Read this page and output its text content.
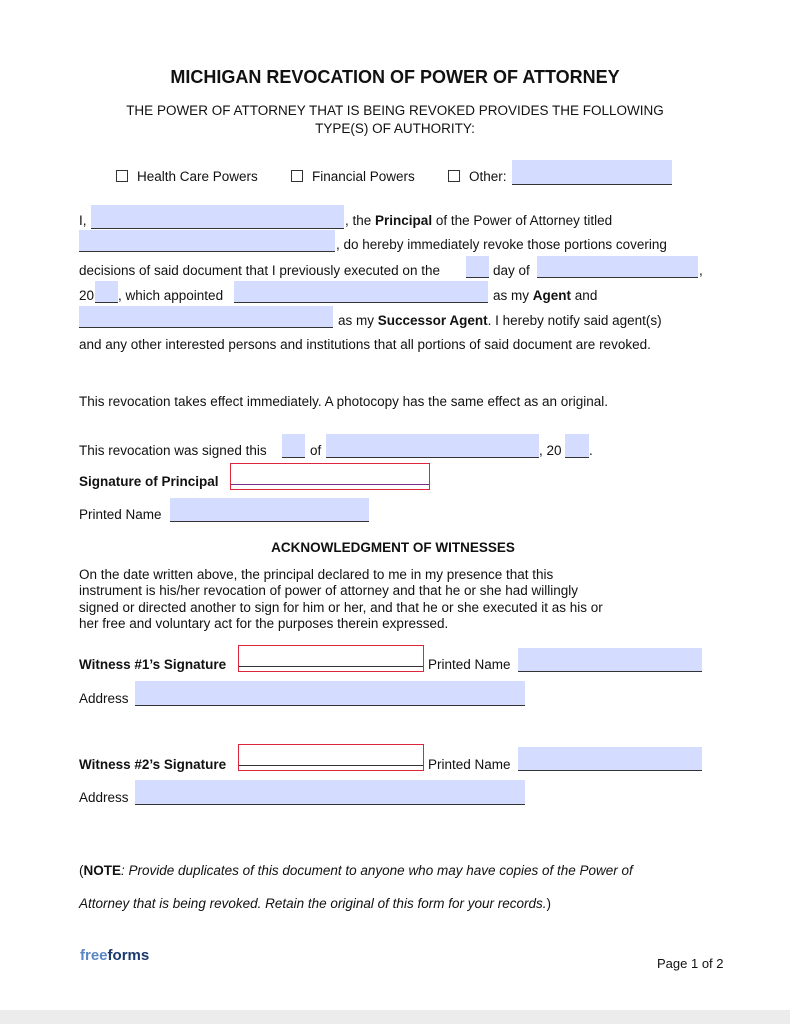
MICHIGAN REVOCATION OF POWER OF ATTORNEY
THE POWER OF ATTORNEY THAT IS BEING REVOKED PROVIDES THE FOLLOWING
TYPE(S) OF AUTHORITY:
Health Care Powers	Financial Powers	Other:
I,	, the Principal of the Power of Attorney titled
, do hereby immediately revoke those portions covering
decisions of said document that I previously executed on the	day of	,
20 , which appointed	as my Agent and
as my Successor Agent. I hereby notify said agent(s)
and any other interested persons and institutions that all portions of said document are revoked.
This revocation takes effect immediately. A photocopy has the same effect as an original.
This revocation was signed this	of	, 20 .
Signature of Principal
Printed Name
ACKNOWLEDGMENT OF WITNESSES
On the date written above, the principal declared to me in my presence that this
instrument is his/her revocation of power of attorney and that he or she had willingly
signed or directed another to sign for him or her, and that he or she executed it as his or
her free and voluntary act for the purposes therein expressed.
Witness #1’s Signature	Printed Name
Address
Witness #2’s Signature	Printed Name
Address
(NOTE: Provide duplicates of this document to anyone who may have copies of the Power of
Attorney that is being revoked. Retain the original of this form for your records.)
freeforms	Page 1 of 2
